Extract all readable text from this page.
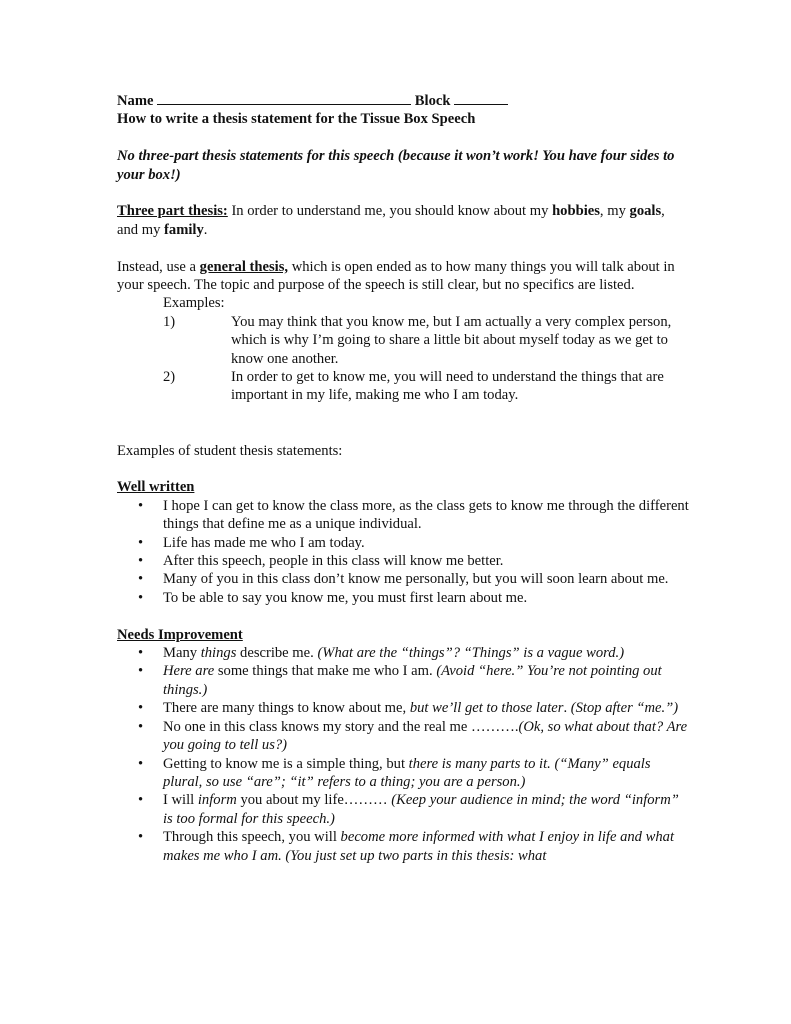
Name	Block

How to write a thesis statement for the Tissue Box Speech

No three-part thesis statements for this speech (because it won’t work! You have four sides to your box!)

Three part thesis: In order to understand me, you should know about my hobbies, my goals, and my family.

Instead, use a general thesis, which is open ended as to how many things you will talk about in your speech. The topic and purpose of the speech is still clear, but no specifics are listed.

Examples:

1)	You may think that you know me, but I am actually a very complex person, which is why I’m going to share a little bit about myself today as we get to know one another.
2)	In order to get to know me, you will need to understand the things that are important in my life, making me who I am today.

Examples of student thesis statements:

Well written

• I hope I can get to know the class more, as the class gets to know me through the different things that define me as a unique individual.
• Life has made me who I am today.
• After this speech, people in this class will know me better.
• Many of you in this class don’t know me personally, but you will soon learn about me.
• To be able to say you know me, you must first learn about me.

Needs Improvement

• Many things describe me. (What are the “things”? “Things” is a vague word.)
• Here are some things that make me who I am. (Avoid “here.” You’re not pointing out things.)
• There are many things to know about me, but we’ll get to those later. (Stop after “me.”)
• No one in this class knows my story and the real me ……….(Ok, so what about that? Are you going to tell us?)
• Getting to know me is a simple thing, but there is many parts to it. (“Many” equals plural, so use “are”; “it” refers to a thing; you are a person.)
• I will inform you about my life……… (Keep your audience in mind; the word “inform” is too formal for this speech.)
• Through this speech, you will become more informed with what I enjoy in life and what makes me who I am. (You just set up two parts in this thesis: what
